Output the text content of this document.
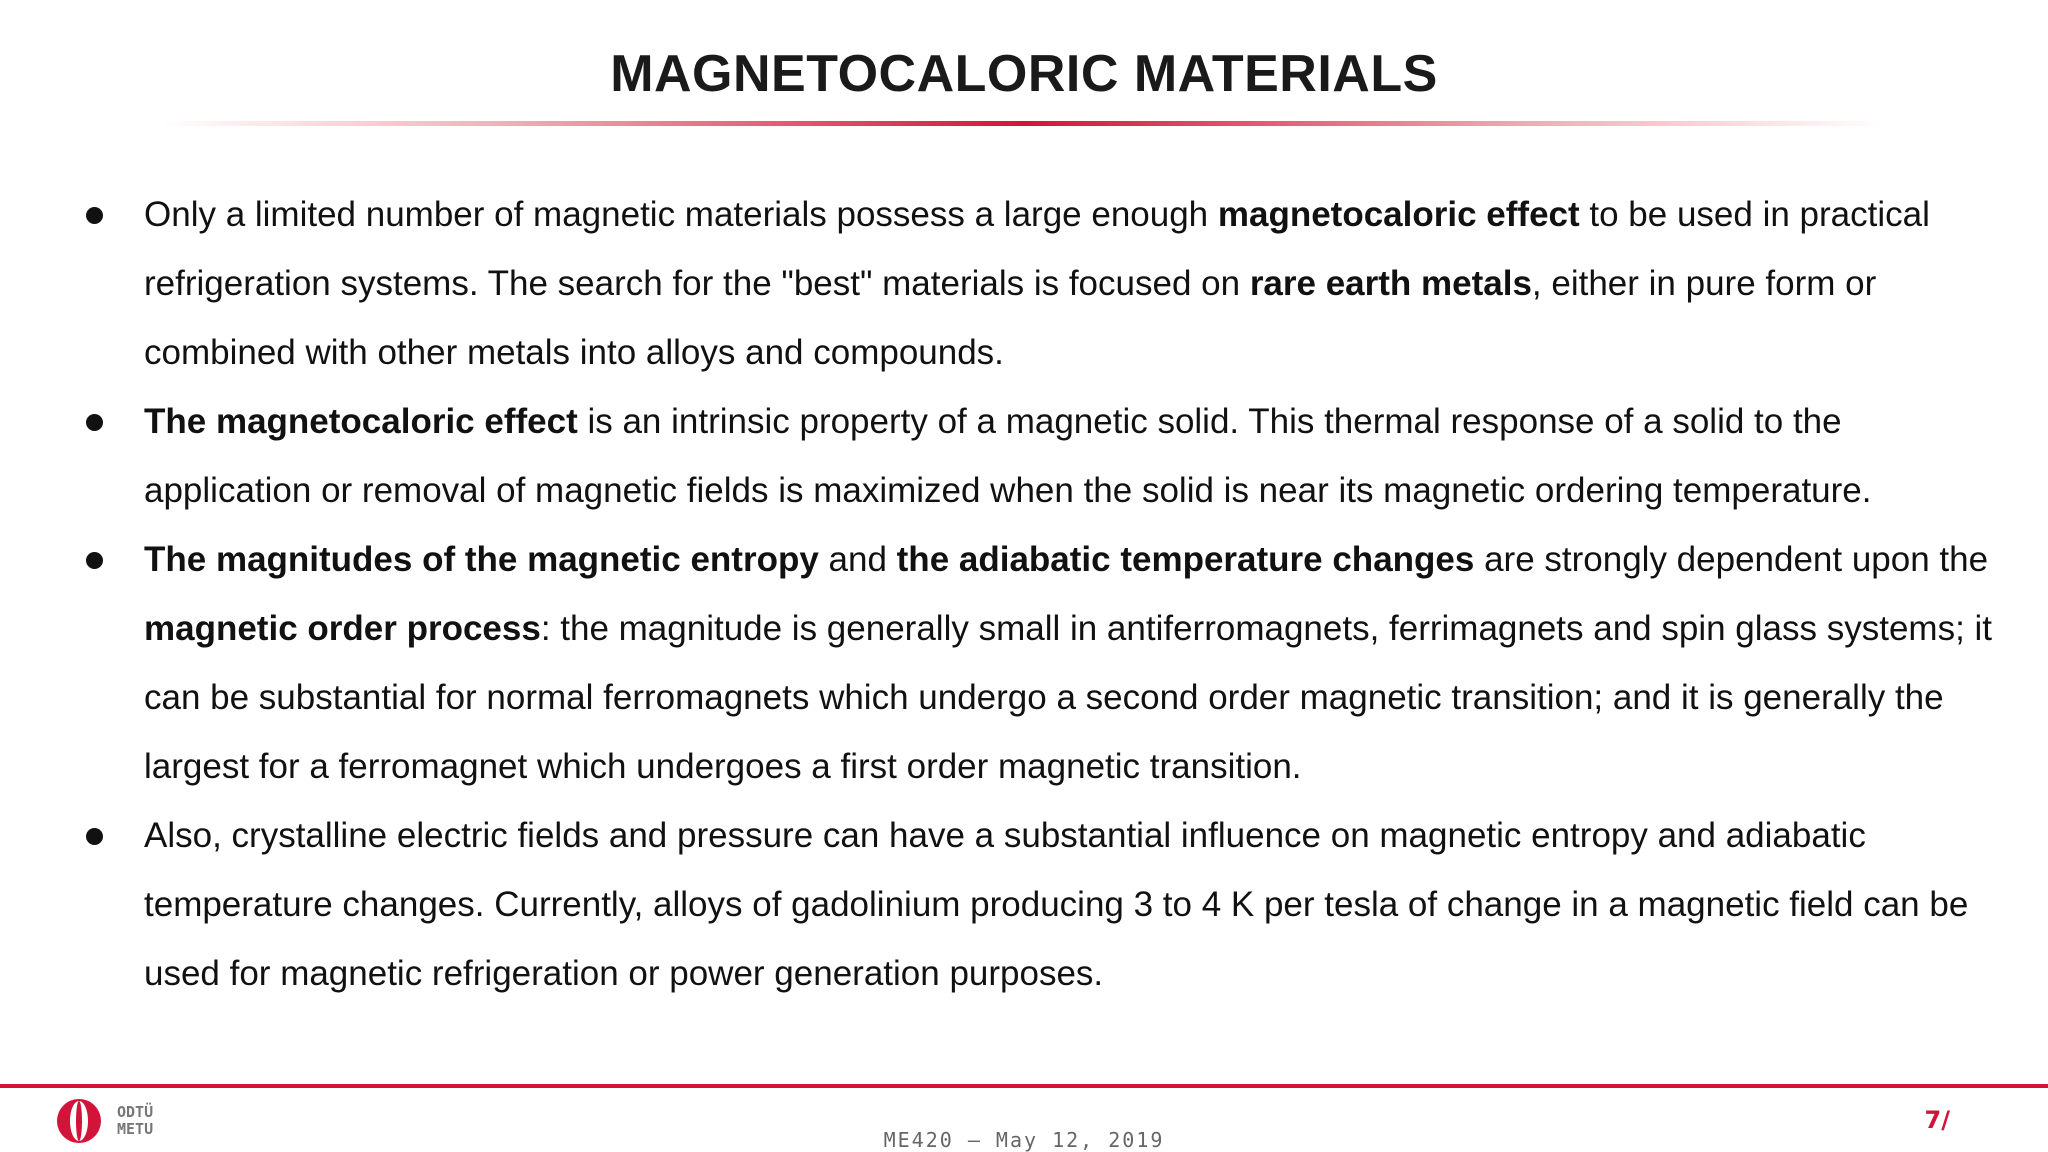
MAGNETOCALORIC MATERIALS
Only a limited number of magnetic materials possess a large enough magnetocaloric effect to be used in practical refrigeration systems. The search for the "best" materials is focused on rare earth metals, either in pure form or combined with other metals into alloys and compounds.
The magnetocaloric effect is an intrinsic property of a magnetic solid. This thermal response of a solid to the application or removal of magnetic fields is maximized when the solid is near its magnetic ordering temperature.
The magnitudes of the magnetic entropy and the adiabatic temperature changes are strongly dependent upon the magnetic order process: the magnitude is generally small in antiferromagnets, ferrimagnets and spin glass systems; it can be substantial for normal ferromagnets which undergo a second order magnetic transition; and it is generally the largest for a ferromagnet which undergoes a first order magnetic transition.
Also, crystalline electric fields and pressure can have a substantial influence on magnetic entropy and adiabatic temperature changes. Currently, alloys of gadolinium producing 3 to 4 K per tesla of change in a magnetic field can be used for magnetic refrigeration or power generation purposes.
ODTÜ
METU	ME420 – May 12, 2019
7/
